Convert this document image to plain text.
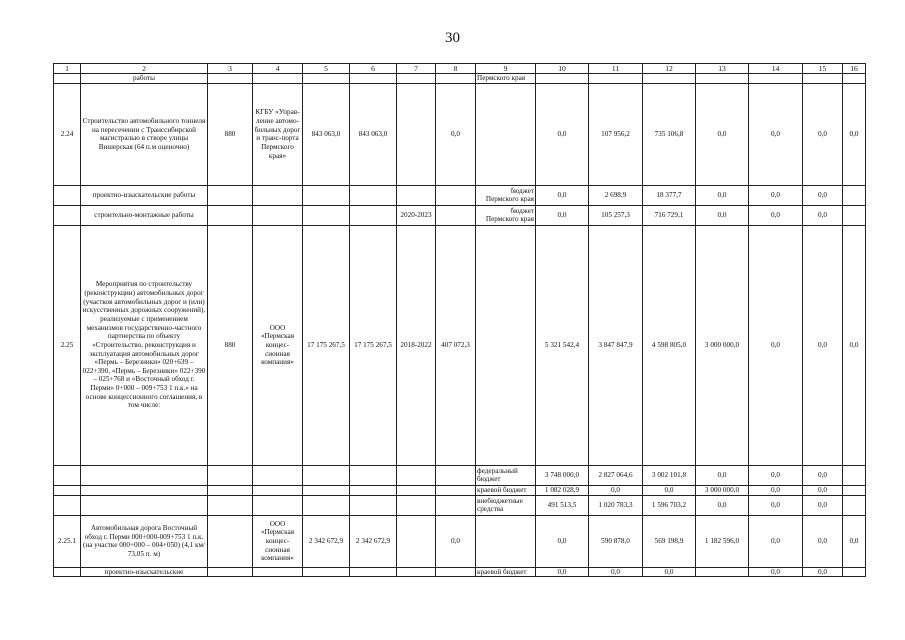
30
1	2	3	4	5	6	7	8	9	10	11	12	13	14	15	16
	работы							Пермского края							
2.24	Строительство автомобильного тоннеля на пересечении с Транссибирской магистралью в створе улицы Вишерская (64 п.м оценочно)	880	КГБУ «Управ-ление автомо-бильных дорог и транс-порта Пермского края»	843 063,0	843 063,0		0,0		0,0	107 956,2	735 106,8	0,0	0,0	0,0	0,0
	проектно-изыскательские работы							бюджет Пермского края	0,0	2 698,9	18 377,7	0,0	0,0	0,0	
	строительно-монтажные работы					2020-2023		бюджет Пермского края	0,0	105 257,3	716 729,1	0,0	0,0	0,0	
2.25	Мероприятия по строительству (реконструкции) автомобильных дорог (участков автомобильных дорог и (или) искусственных дорожных сооружений), реализуемые с применением механизмов государственно-частного партнерства по объекту «Строительство, реконструкция и эксплуатация автомобильных дорог «Пермь – Березники» 020+639 – 022+390, «Пермь – Березники» 022+390 – 025+768 и «Восточный обход г. Перми» 0+000 – 009+753 1 п.к.» на основе концессионного соглашения, в том числе:	880	ООО «Пермская концес-сионная компания»	17 175 267,5	17 175 267,5	2018-2022	407 072,3		5 321 542,4	3 847 847,9	4 598 805,0	3 000 000,0	0,0	0,0	0,0
								федеральный бюджет	3 748 000,0	2 827 064,6	3 002 101,8	0,0	0,0	0,0	
								краевой бюджет	1 082 028,9	0,0	0,0	3 000 000,0	0,0	0,0	
								внебюджетные средства	491 513,5	1 020 783,3	1 596 703,2	0,0	0,0	0,0	
2.25.1	Автомобильная дорога Восточный обход г. Перми 000+000-009+753 1 п.к. (на участке 000+000 – 004+050) (4,1 км/ 73,05 п. м)		ООО «Пермская концес-сионная компания»	2 342 672,9	2 342 672,9		0,0		0,0	590 878,0	569 198,9	1 182 596,0	0,0	0,0	0,0
	проектно-изыскательские							краевой бюджет	0,0	0,0	0,0		0,0	0,0	
